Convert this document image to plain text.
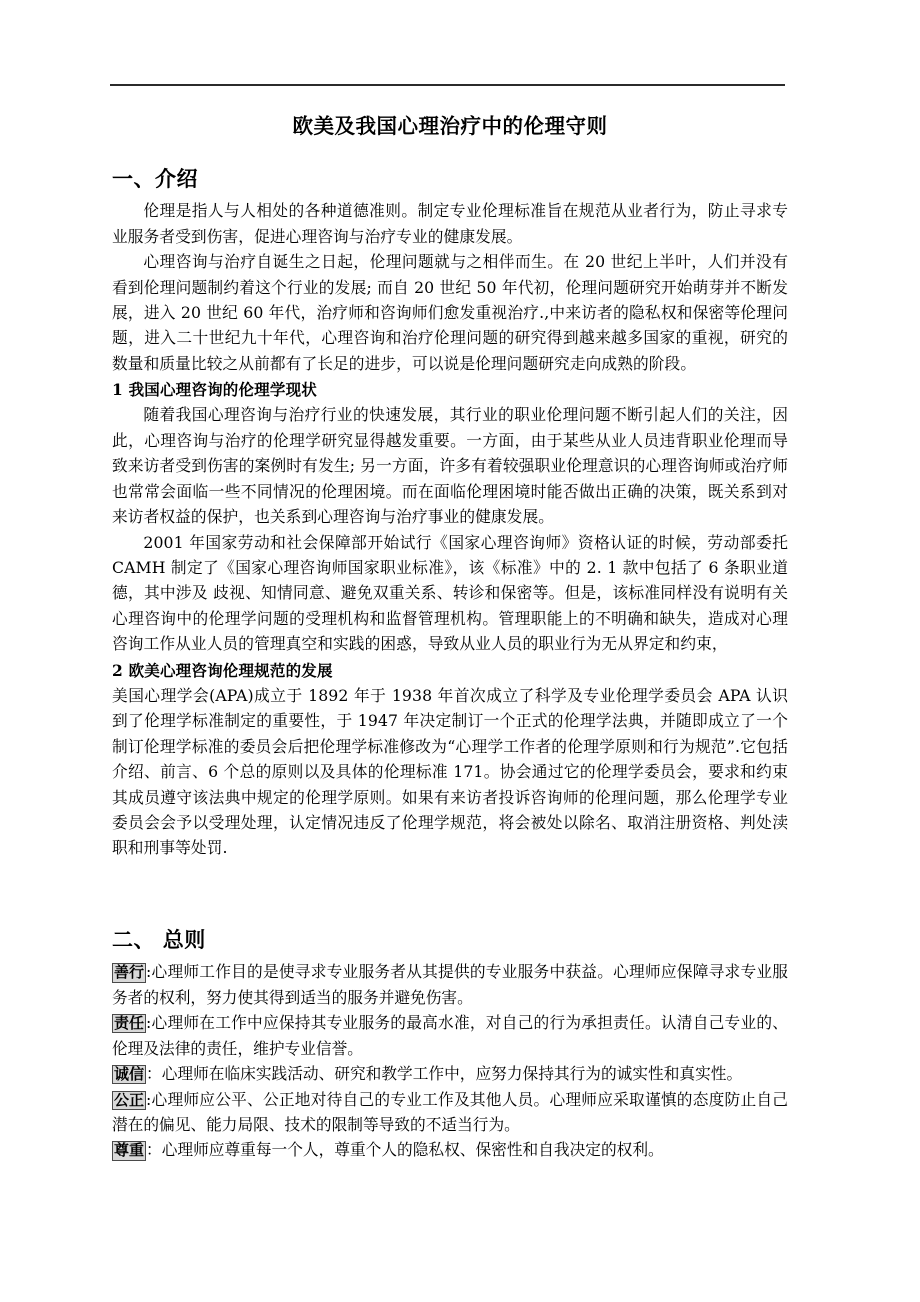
欧美及我国心理治疗中的伦理守则
一、介绍

伦理是指人与人相处的各种道德准则。制定专业伦理标准旨在规范从业者行为，防止寻求专业服务者受到伤害，促进心理咨询与治疗专业的健康发展。

心理咨询与治疗自诞生之日起，伦理问题就与之相伴而生。在 20 世纪上半叶，人们并没有看到伦理问题制约着这个行业的发展; 而自 20 世纪 50 年代初，伦理问题研究开始萌芽并不断发展，进入 20 世纪 60 年代，治疗师和咨询师们愈发重视治疗.,中来访者的隐私权和保密等伦理问题，进入二十世纪九十年代，心理咨询和治疗伦理问题的研究得到越来越多国家的重视，研究的数量和质量比较之从前都有了长足的进步，可以说是伦理问题研究走向成熟的阶段。

1 我国心理咨询的伦理学现状

随着我国心理咨询与治疗行业的快速发展，其行业的职业伦理问题不断引起人们的关注，因此，心理咨询与治疗的伦理学研究显得越发重要。一方面，由于某些从业人员违背职业伦理而导致来访者受到伤害的案例时有发生; 另一方面，许多有着较强职业伦理意识的心理咨询师或治疗师也常常会面临一些不同情况的伦理困境。而在面临伦理困境时能否做出正确的决策，既关系到对来访者权益的保护，也关系到心理咨询与治疗事业的健康发展。

2001 年国家劳动和社会保障部开始试行《国家心理咨询师》资格认证的时候，劳动部委托 CAMH 制定了《国家心理咨询师国家职业标准》，该《标准》中的 2. 1 款中包括了 6 条职业道德，其中涉及 歧视、知情同意、避免双重关系、转诊和保密等。但是，该标准同样没有说明有关心理咨询中的伦理学问题的受理机构和监督管理机构。管理职能上的不明确和缺失，造成对心理咨询工作从业人员的管理真空和实践的困惑，导致从业人员的职业行为无从界定和约束，

2 欧美心理咨询伦理规范的发展

美国心理学会(APA)成立于 1892 年于 1938 年首次成立了科学及专业伦理学委员会 APA 认识到了伦理学标准制定的重要性，于 1947 年决定制订一个正式的伦理学法典，并随即成立了一个制订伦理学标准的委员会后把伦理学标准修改为“心理学工作者的伦理学原则和行为规范”.它包括介绍、前言、6 个总的原则以及具体的伦理标准 171。协会通过它的伦理学委员会，要求和约束其成员遵守该法典中规定的伦理学原则。如果有来访者投诉咨询师的伦理问题，那么伦理学专业委员会会予以受理处理，认定情况违反了伦理学规范，将会被处以除名、取消注册资格、判处渎职和刑事等处罚.

二、 总则

善行 :心理师工作目的是使寻求专业服务者从其提供的专业服务中获益。心理师应保障寻求专业服务者的权利，努力使其得到适当的服务并避免伤害。

责任 :心理师在工作中应保持其专业服务的最高水准，对自己的行为承担责任。认清自己专业的、伦理及法律的责任，维护专业信誉。

诚信 ：心理师在临床实践活动、研究和教学工作中，应努力保持其行为的诚实性和真实性。

公正 :心理师应公平、公正地对待自己的专业工作及其他人员。心理师应采取谨慎的态度防止自己潜在的偏见、能力局限、技术的限制等导致的不适当行为。

尊重 ：心理师应尊重每一个人，尊重个人的隐私权、保密性和自我决定的权利。
